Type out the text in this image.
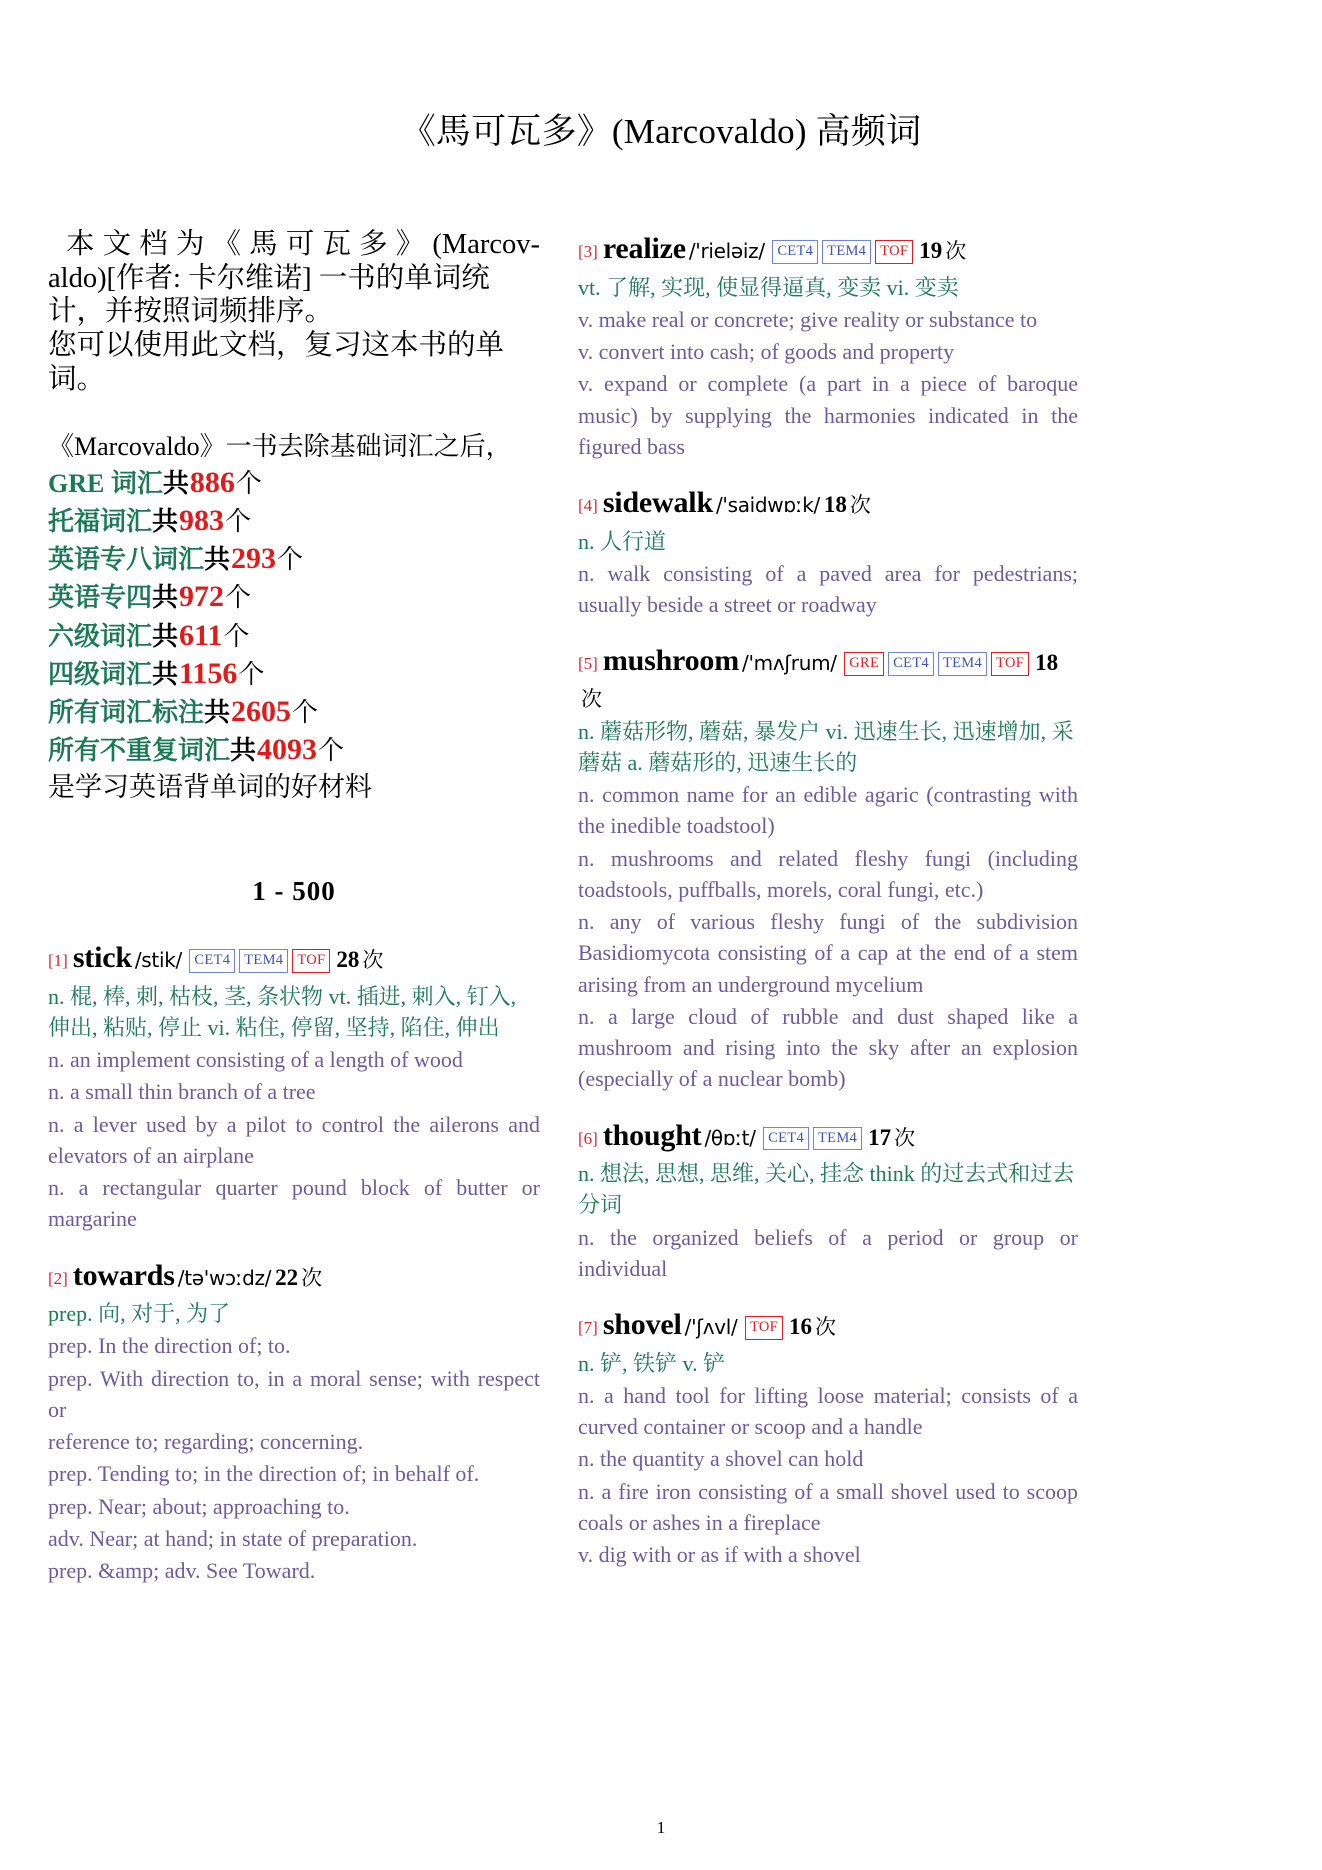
《馬可瓦多》(Marcovaldo) 高频词

本文档为《馬可瓦多》(Marcov-

aldo)[作者: 卡尔维诺] 一书的单词统

计，并按照词频排序。

您可以使用此文档，复习这本书的单

词。

《Marcovaldo》一书去除基础词汇之后，
GRE 词汇共886个
托福词汇共983个
英语专八词汇共293个
英语专四共972个
六级词汇共611个
四级词汇共1156个
所有词汇标注共2605个
所有不重复词汇共4093个
是学习英语背单词的好材料
1 - 500
[1] stick /stik/ CET4 TEM4 TOF 28 次
n. 棍, 棒, 刺, 枯枝, 茎, 条状物 vt. 插进, 刺入, 钉入, 伸出, 粘贴, 停止 vi. 粘住, 停留, 坚持, 陷住, 伸出
n. an implement consisting of a length of wood
n. a small thin branch of a tree
n. a lever used by a pilot to control the ailerons and elevators of an airplane
n. a rectangular quarter pound block of butter or margarine
[2] towards /tə'wɔːdz/ 22 次
prep. 向, 对于, 为了
prep. In the direction of; to.
prep. With direction to, in a moral sense; with respect or
reference to; regarding; concerning.
prep. Tending to; in the direction of; in behalf of.
prep. Near; about; approaching to.
adv. Near; at hand; in state of preparation.
prep. &amp; adv. See Toward.
[3] realize /'rieləiz/ CET4 TEM4 TOF 19 次
vt. 了解, 实现, 使显得逼真, 变卖 vi. 变卖
v. make real or concrete; give reality or substance to
v. convert into cash; of goods and property
v. expand or complete (a part in a piece of baroque music) by supplying the harmonies indicated in the figured bass
[4] sidewalk /'saidwɒːk/ 18 次
n. 人行道
n. walk consisting of a paved area for pedestrians; usually beside a street or roadway
[5] mushroom /'mʌʃrum/ GRE CET4 TEM4 TOF 18次
n. 蘑菇形物, 蘑菇, 暴发户 vi. 迅速生长, 迅速增加, 采蘑菇 a. 蘑菇形的, 迅速生长的
n. common name for an edible agaric (contrasting with the inedible toadstool)
n. mushrooms and related fleshy fungi (including toadstools, puffballs, morels, coral fungi, etc.)
n. any of various fleshy fungi of the subdivision Basidiomycota consisting of a cap at the end of a stem arising from an underground mycelium
n. a large cloud of rubble and dust shaped like a mushroom and rising into the sky after an explosion (especially of a nuclear bomb)
[6] thought /θɒːt/ CET4 TEM4 17 次
n. 想法, 思想, 思维, 关心, 挂念 think 的过去式和过去分词
n. the organized beliefs of a period or group or individual
[7] shovel /'ʃʌvl/ TOF 16 次
n. 铲, 铁铲 v. 铲
n. a hand tool for lifting loose material; consists of a curved container or scoop and a handle
n. the quantity a shovel can hold
n. a fire iron consisting of a small shovel used to scoop coals or ashes in a fireplace
v. dig with or as if with a shovel
1
